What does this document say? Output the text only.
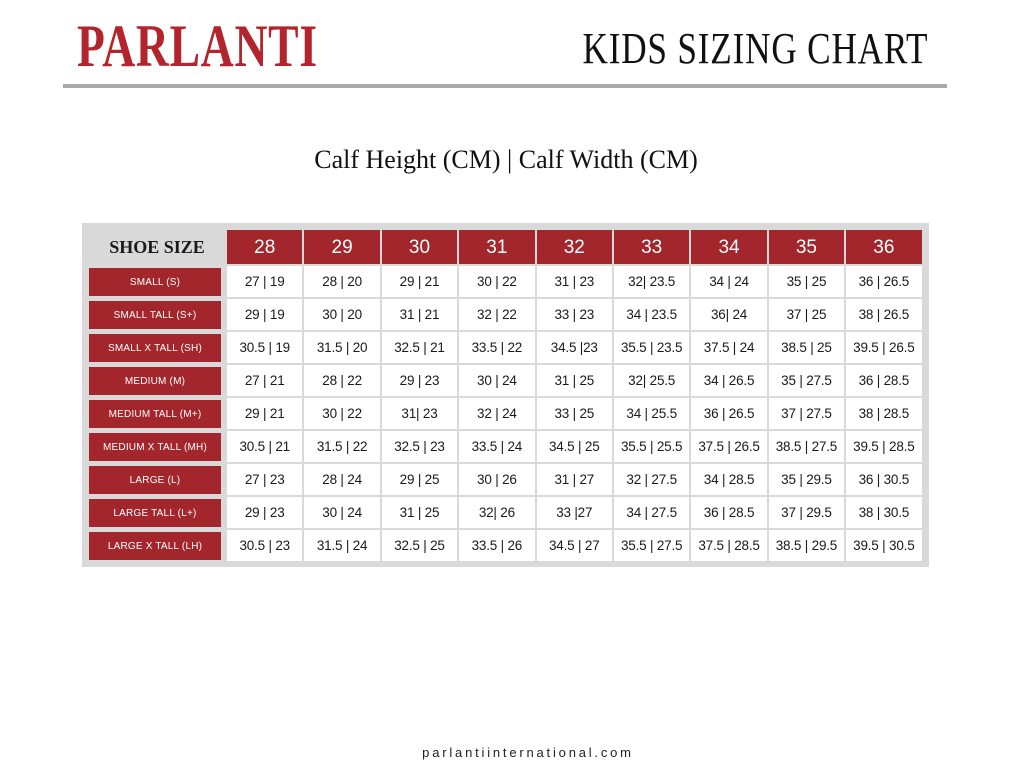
PARLANTI	KIDS SIZING CHART
Calf Height (CM) | Calf Width (CM)
SHOE SIZE	28	29	30	31	32	33	34	35	36
SMALL (S)	27 | 19	28 | 20	29 | 21	30 | 22	31 | 23	32| 23.5	34 | 24	35 | 25	36 | 26.5
SMALL TALL (S+)	29 | 19	30 | 20	31 | 21	32 | 22	33 | 23	34 | 23.5	36| 24	37 | 25	38 | 26.5
SMALL X TALL (SH)	30.5 | 19	31.5 | 20	32.5 | 21	33.5 | 22	34.5 |23	35.5 | 23.5	37.5 | 24	38.5 | 25	39.5 | 26.5
MEDIUM (M)	27 | 21	28 | 22	29 | 23	30 | 24	31 | 25	32| 25.5	34 | 26.5	35 | 27.5	36 | 28.5
MEDIUM TALL (M+)	29 | 21	30 | 22	31| 23	32 | 24	33 | 25	34 | 25.5	36 | 26.5	37 | 27.5	38 | 28.5
MEDIUM X TALL (MH)	30.5 | 21	31.5 | 22	32.5 | 23	33.5 | 24	34.5 | 25	35.5 | 25.5	37.5 | 26.5	38.5 | 27.5	39.5 | 28.5
LARGE (L)	27 | 23	28 | 24	29 | 25	30 | 26	31 | 27	32 | 27.5	34 | 28.5	35 | 29.5	36 | 30.5
LARGE TALL (L+)	29 | 23	30 | 24	31 | 25	32| 26	33 |27	34 | 27.5	36 | 28.5	37 | 29.5	38 | 30.5
LARGE X TALL (LH)	30.5 | 23	31.5 | 24	32.5 | 25	33.5 | 26	34.5 | 27	35.5 | 27.5	37.5 | 28.5	38.5 | 29.5	39.5 | 30.5
parlantiinternational.com
